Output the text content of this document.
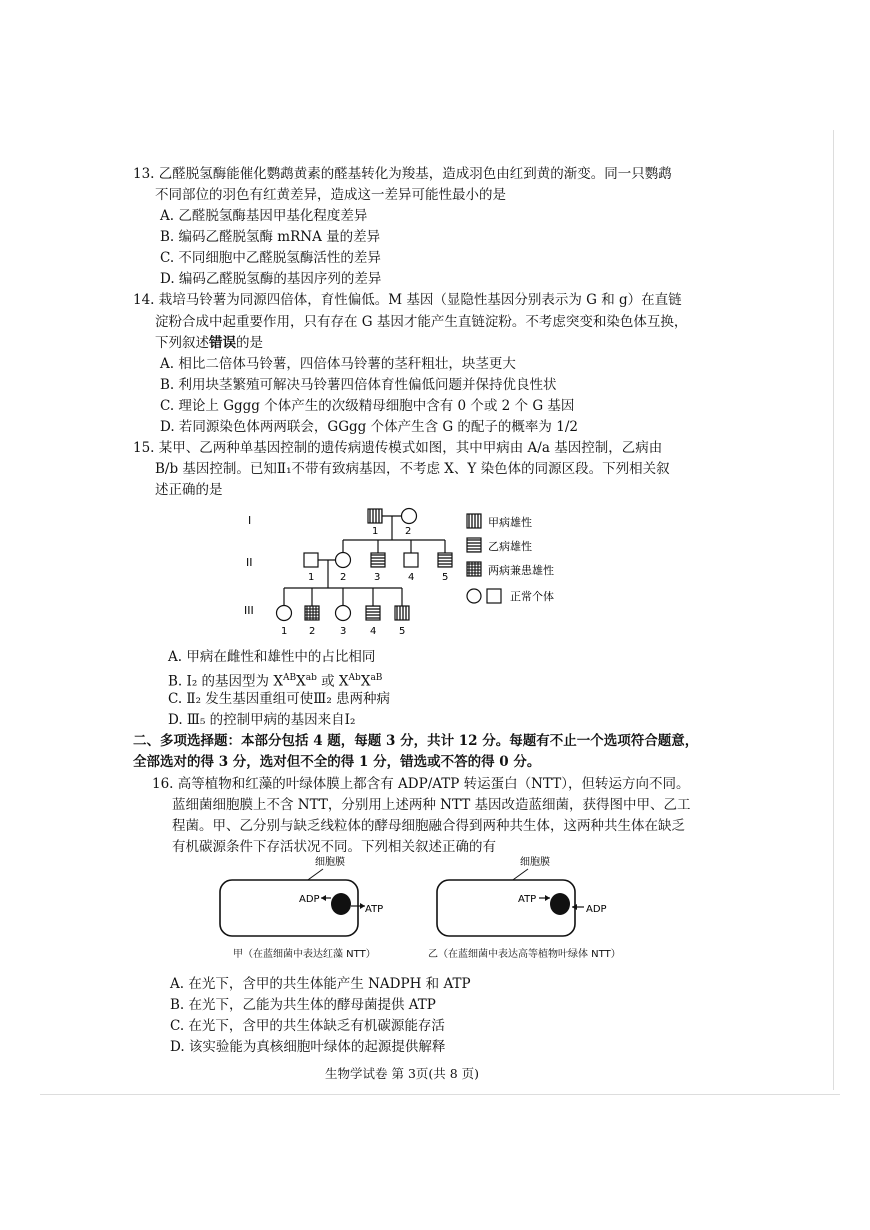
13. 乙醛脱氢酶能催化鹦鹉黄素的醛基转化为羧基，造成羽色由红到黄的渐变。同一只鹦鹉
不同部位的羽色有红黄差异，造成这一差异可能性最小的是
A. 乙醛脱氢酶基因甲基化程度差异
B. 编码乙醛脱氢酶 mRNA 量的差异
C. 不同细胞中乙醛脱氢酶活性的差异
D. 编码乙醛脱氢酶的基因序列的差异
14. 栽培马铃薯为同源四倍体，育性偏低。M 基因（显隐性基因分别表示为 G 和 g）在直链
淀粉合成中起重要作用，只有存在 G 基因才能产生直链淀粉。不考虑突变和染色体互换，
下列叙述错误的是
A. 相比二倍体马铃薯，四倍体马铃薯的茎秆粗壮，块茎更大
B. 利用块茎繁殖可解决马铃薯四倍体育性偏低问题并保持优良性状
C. 理论上 Gggg 个体产生的次级精母细胞中含有 0 个或 2 个 G 基因
D. 若同源染色体两两联会，GGgg 个体产生含 G 的配子的概率为 1/2
15. 某甲、乙两种单基因控制的遗传病遗传模式如图，其中甲病由 A/a 基因控制，乙病由
B/b 基因控制。已知Ⅱ₁不带有致病基因，不考虑 X、Y 染色体的同源区段。下列相关叙
述正确的是
I
II
III
1	2
1	2	3	4	5
1 2 3 4 5
甲病雄性
乙病雄性
两病兼患雄性
正常个体
A. 甲病在雌性和雄性中的占比相同
B. I₂ 的基因型为 $X^{AB}X^{ab}$ 或 $X^{Ab}X^{aB}$
C. Ⅱ₂ 发生基因重组可使Ⅲ₂ 患两种病
D. Ⅲ₅ 的控制甲病的基因来自I₂
二、多项选择题：本部分包括 4 题，每题 3 分，共计 12 分。每题有不止一个选项符合题意，
全部选对的得 3 分，选对但不全的得 1 分，错选或不答的得 0 分。
16. 高等植物和红藻的叶绿体膜上都含有 ADP/ATP 转运蛋白（NTT），但转运方向不同。
蓝细菌细胞膜上不含 NTT，分别用上述两种 NTT 基因改造蓝细菌，获得图中甲、乙工
程菌。甲、乙分别与缺乏线粒体的酵母细胞融合得到两种共生体，这两种共生体在缺乏
有机碳源条件下存活状况不同。下列相关叙述正确的有
细胞膜
ADP
ATP
甲（在蓝细菌中表达红藻 NTT）
细胞膜
ATP
ADP
乙（在蓝细菌中表达高等植物叶绿体 NTT）
A. 在光下，含甲的共生体能产生 NADPH 和 ATP
B. 在光下，乙能为共生体的酵母菌提供 ATP
C. 在光下，含甲的共生体缺乏有机碳源能存活
D. 该实验能为真核细胞叶绿体的起源提供解释
生物学试卷 第 3页(共 8 页)
